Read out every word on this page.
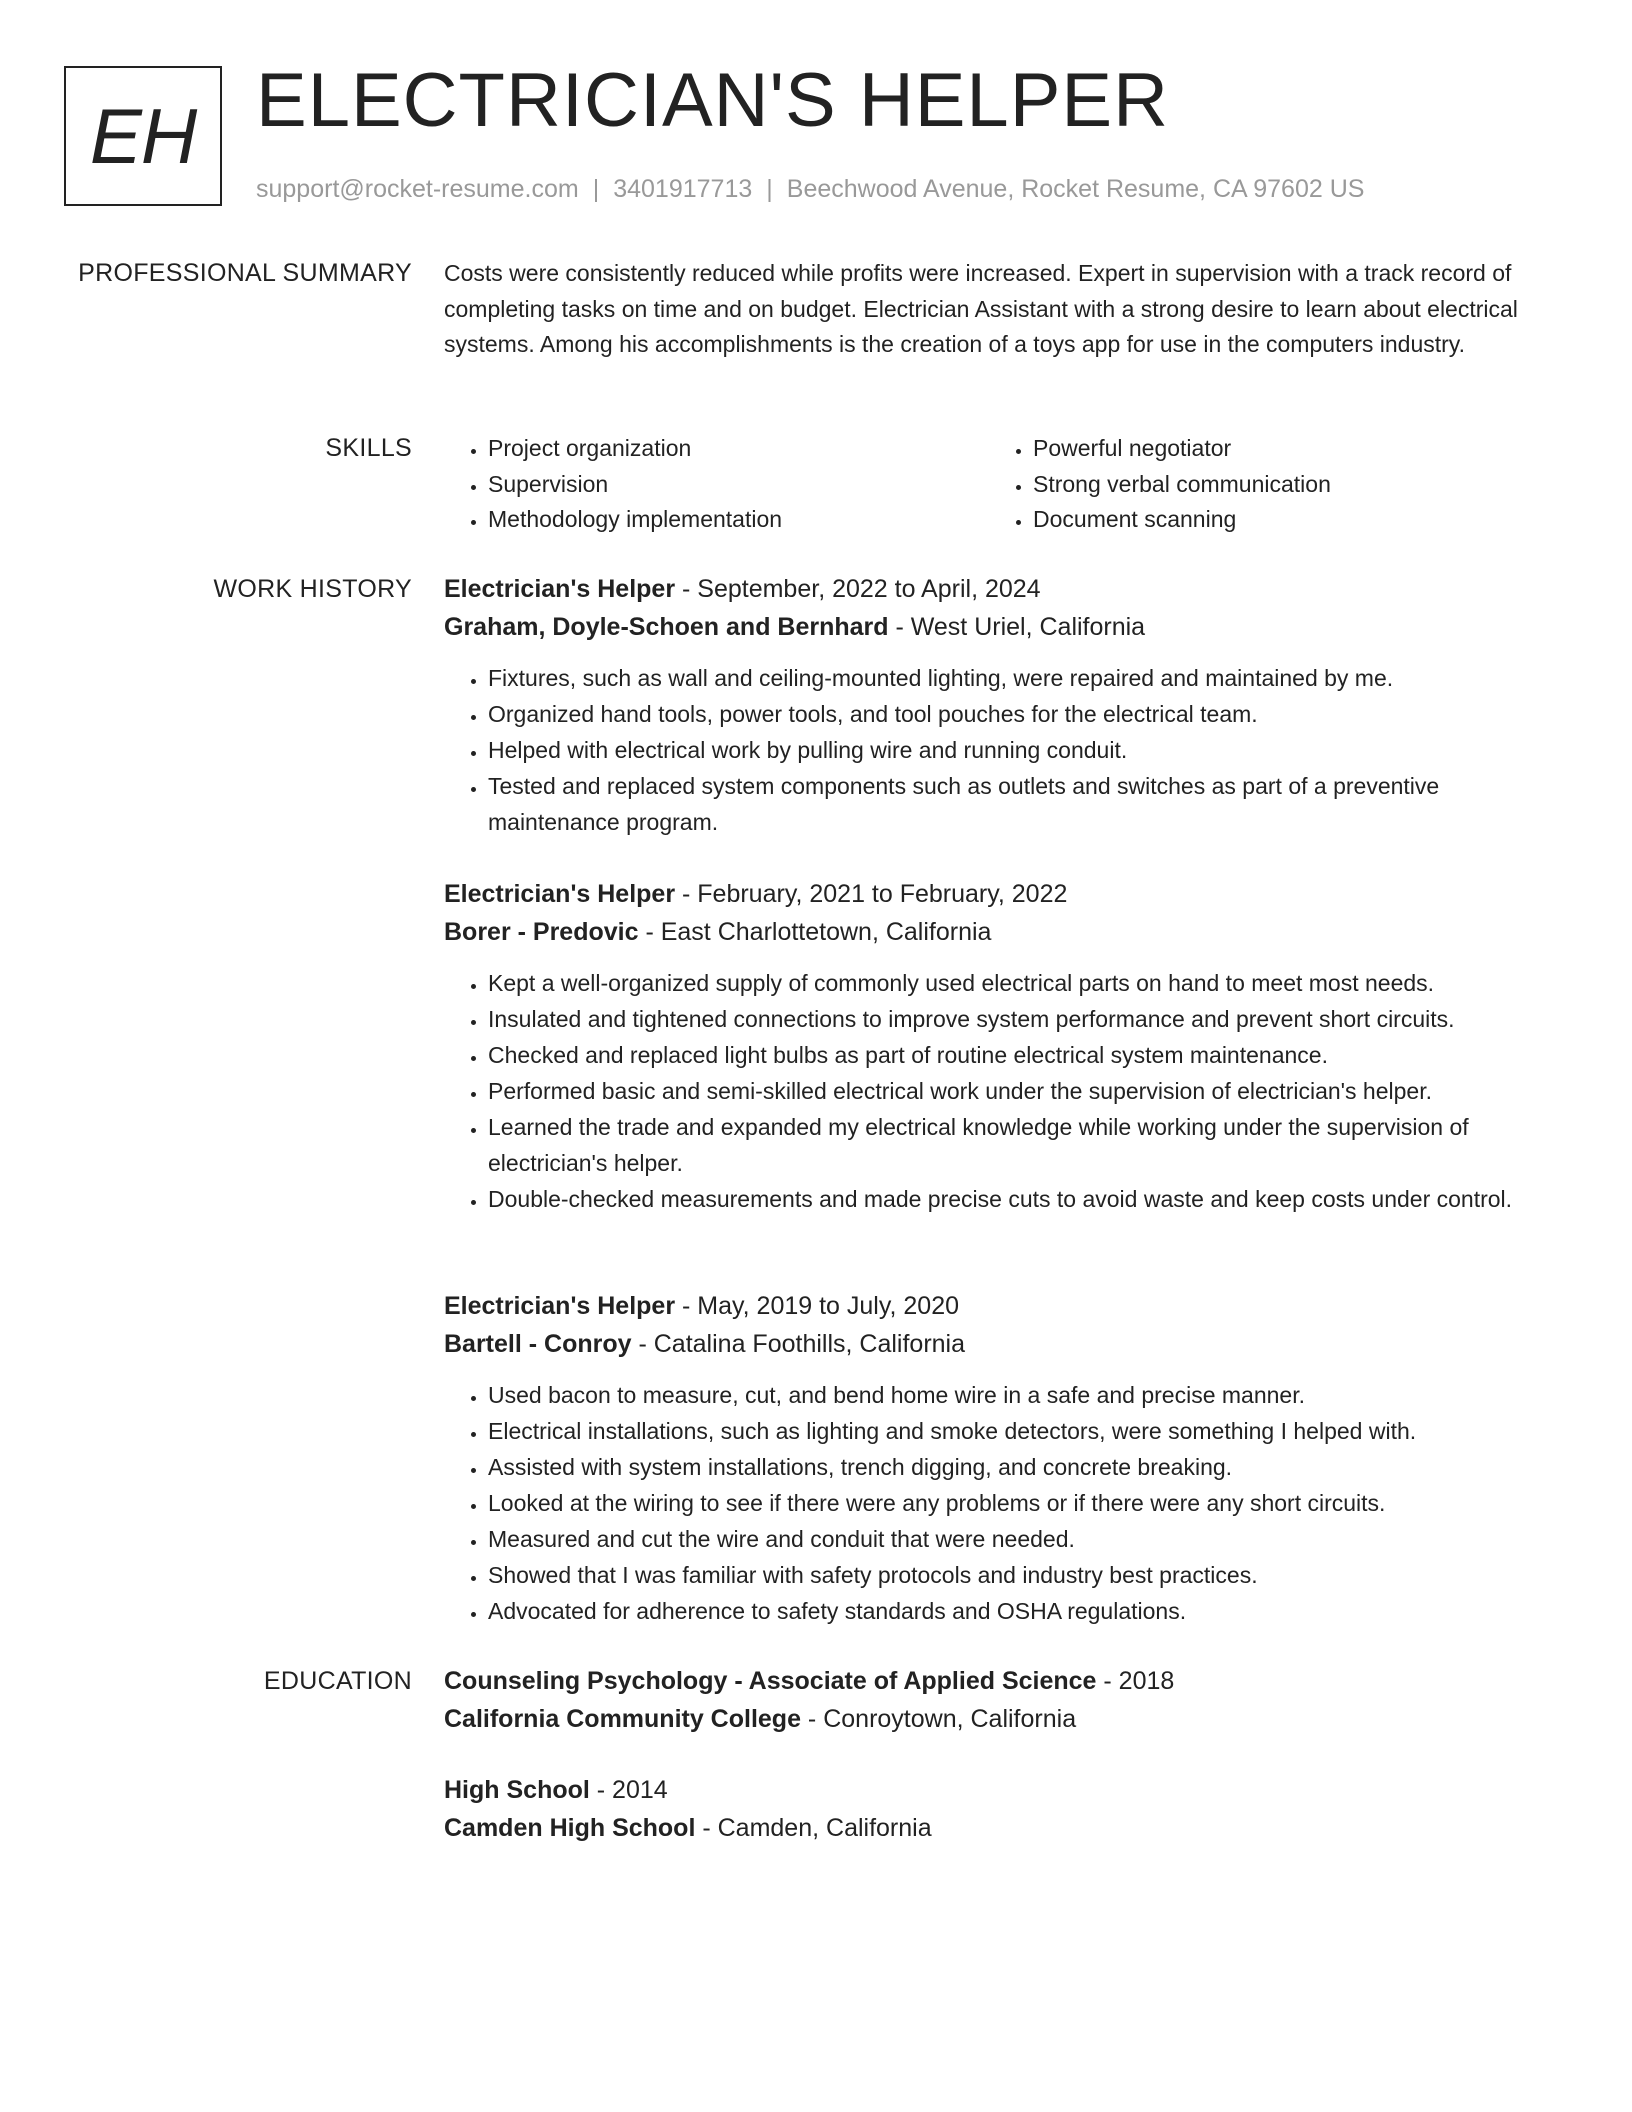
EH ELECTRICIAN'S HELPER
support@rocket-resume.com | 3401917713 | Beechwood Avenue, Rocket Resume, CA 97602 US
PROFESSIONAL SUMMARY Costs were consistently reduced while profits were increased. Expert in supervision with a track record of completing tasks on time and on budget. Electrician Assistant with a strong desire to learn about electrical systems. Among his accomplishments is the creation of a toys app for use in the computers industry.

SKILLS
•	Project organization
• Supervision
• Methodology implementation
• Powerful negotiator
• Strong verbal communication
• Document scanning
WORK HISTORY Electrician's Helper - September, 2022 to April, 2024
Graham, Doyle-Schoen and Bernhard - West Uriel, California
• Fixtures, such as wall and ceiling-mounted lighting, were repaired and maintained by me.
• Organized hand tools, power tools, and tool pouches for the electrical team.
• Helped with electrical work by pulling wire and running conduit.
• Tested and replaced system components such as outlets and switches as part of a preventive maintenance program.
Electrician's Helper - February, 2021 to February, 2022
Borer - Predovic - East Charlottetown, California
• Kept a well-organized supply of commonly used electrical parts on hand to meet most needs.
• Insulated and tightened connections to improve system performance and prevent short circuits.
• Checked and replaced light bulbs as part of routine electrical system maintenance.
• Performed basic and semi-skilled electrical work under the supervision of electrician's helper.
• Learned the trade and expanded my electrical knowledge while working under the supervision of electrician's helper.
• Double-checked measurements and made precise cuts to avoid waste and keep costs under control.
Electrician's Helper - May, 2019 to July, 2020
Bartell - Conroy - Catalina Foothills, California
• Used bacon to measure, cut, and bend home wire in a safe and precise manner.
• Electrical installations, such as lighting and smoke detectors, were something I helped with.
• Assisted with system installations, trench digging, and concrete breaking.
• Looked at the wiring to see if there were any problems or if there were any short circuits.
• Measured and cut the wire and conduit that were needed.
• Showed that I was familiar with safety protocols and industry best practices.
• Advocated for adherence to safety standards and OSHA regulations.
EDUCATION Counseling Psychology - Associate of Applied Science - 2018
California Community College - Conroytown, California
High School - 2014
Camden High School - Camden, California
